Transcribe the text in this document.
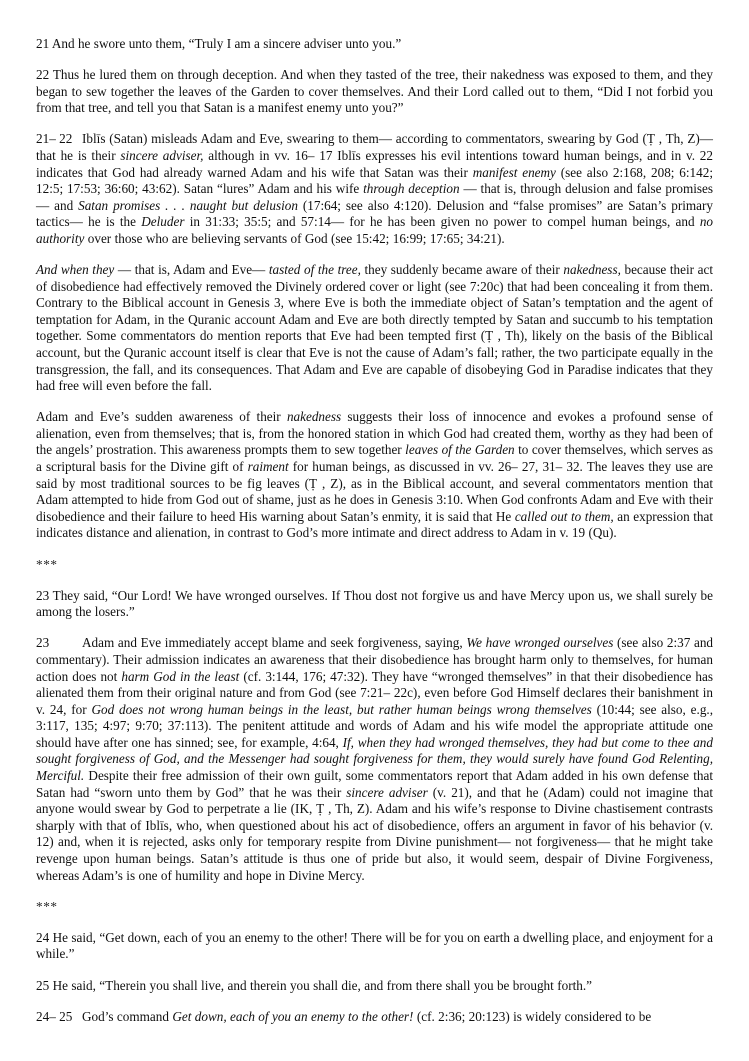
21 And he swore unto them, “Truly I am a sincere adviser unto you.”

22 Thus he lured them on through deception. And when they tasted of the tree, their nakedness was exposed to them, and they began to sew together the leaves of the Garden to cover themselves. And their Lord called out to them, “Did I not forbid you from that tree, and tell you that Satan is a manifest enemy unto you?”

21– 22 Iblīs (Satan) misleads Adam and Eve, swearing to them— according to commentators, swearing by God (Ṭ , Th, Z)— that he is their sincere adviser, although in vv. 16– 17 Iblīs expresses his evil intentions toward human beings, and in v. 22 indicates that God had already warned Adam and his wife that Satan was their manifest enemy (see also 2:168, 208; 6:142; 12:5; 17:53; 36:60; 43:62). Satan “lures” Adam and his wife through deception — that is, through delusion and false promises— and Satan promises . . . naught but delusion (17:64; see also 4:120). Delusion and “false promises” are Satan’s primary tactics— he is the Deluder in 31:33; 35:5; and 57:14— for he has been given no power to compel human beings, and no authority over those who are believing servants of God (see 15:42; 16:99; 17:65; 34:21).

And when they — that is, Adam and Eve— tasted of the tree, they suddenly became aware of their nakedness, because their act of disobedience had effectively removed the Divinely ordered cover or light (see 7:20c) that had been concealing it from them. Contrary to the Biblical account in Genesis 3, where Eve is both the immediate object of Satan’s temptation and the agent of temptation for Adam, in the Quranic account Adam and Eve are both directly tempted by Satan and succumb to his temptation together. Some commentators do mention reports that Eve had been tempted first (Ṭ , Th), likely on the basis of the Biblical account, but the Quranic account itself is clear that Eve is not the cause of Adam’s fall; rather, the two participate equally in the transgression, the fall, and its consequences. That Adam and Eve are capable of disobeying God in Paradise indicates that they had free will even before the fall.

Adam and Eve’s sudden awareness of their nakedness suggests their loss of innocence and evokes a profound sense of alienation, even from themselves; that is, from the honored station in which God had created them, worthy as they had been of the angels’ prostration. This awareness prompts them to sew together leaves of the Garden to cover themselves, which serves as a scriptural basis for the Divine gift of raiment for human beings, as discussed in vv. 26– 27, 31– 32. The leaves they use are said by most traditional sources to be fig leaves (Ṭ , Z), as in the Biblical account, and several commentators mention that Adam attempted to hide from God out of shame, just as he does in Genesis 3:10. When God confronts Adam and Eve with their disobedience and their failure to heed His warning about Satan’s enmity, it is said that He called out to them, an expression that indicates distance and alienation, in contrast to God’s more intimate and direct address to Adam in v. 19 (Qu).

***

23 They said, “Our Lord! We have wronged ourselves. If Thou dost not forgive us and have Mercy upon us, we shall surely be among the losers.”

23 Adam and Eve immediately accept blame and seek forgiveness, saying, We have wronged ourselves (see also 2:37 and commentary). Their admission indicates an awareness that their disobedience has brought harm only to themselves, for human action does not harm God in the least (cf. 3:144, 176; 47:32). They have “wronged themselves” in that their disobedience has alienated them from their original nature and from God (see 7:21– 22c), even before God Himself declares their banishment in v. 24, for God does not wrong human beings in the least, but rather human beings wrong themselves (10:44; see also, e.g., 3:117, 135; 4:97; 9:70; 37:113). The penitent attitude and words of Adam and his wife model the appropriate attitude one should have after one has sinned; see, for example, 4:64, If, when they had wronged themselves, they had but come to thee and sought forgiveness of God, and the Messenger had sought forgiveness for them, they would surely have found God Relenting, Merciful. Despite their free admission of their own guilt, some commentators report that Adam added in his own defense that Satan had “sworn unto them by God” that he was their sincere adviser (v. 21), and that he (Adam) could not imagine that anyone would swear by God to perpetrate a lie (IK, Ṭ , Th, Z). Adam and his wife’s response to Divine chastisement contrasts sharply with that of Iblīs, who, when questioned about his act of disobedience, offers an argument in favor of his behavior (v. 12) and, when it is rejected, asks only for temporary respite from Divine punishment— not forgiveness— that he might take revenge upon human beings. Satan’s attitude is thus one of pride but also, it would seem, despair of Divine Forgiveness, whereas Adam’s is one of humility and hope in Divine Mercy.

***

24 He said, “Get down, each of you an enemy to the other! There will be for you on earth a dwelling place, and enjoyment for a while.”

25 He said, “Therein you shall live, and therein you shall die, and from there shall you be brought forth.”

24– 25 God’s command Get down, each of you an enemy to the other! (cf. 2:36; 20:123) is widely considered to be
